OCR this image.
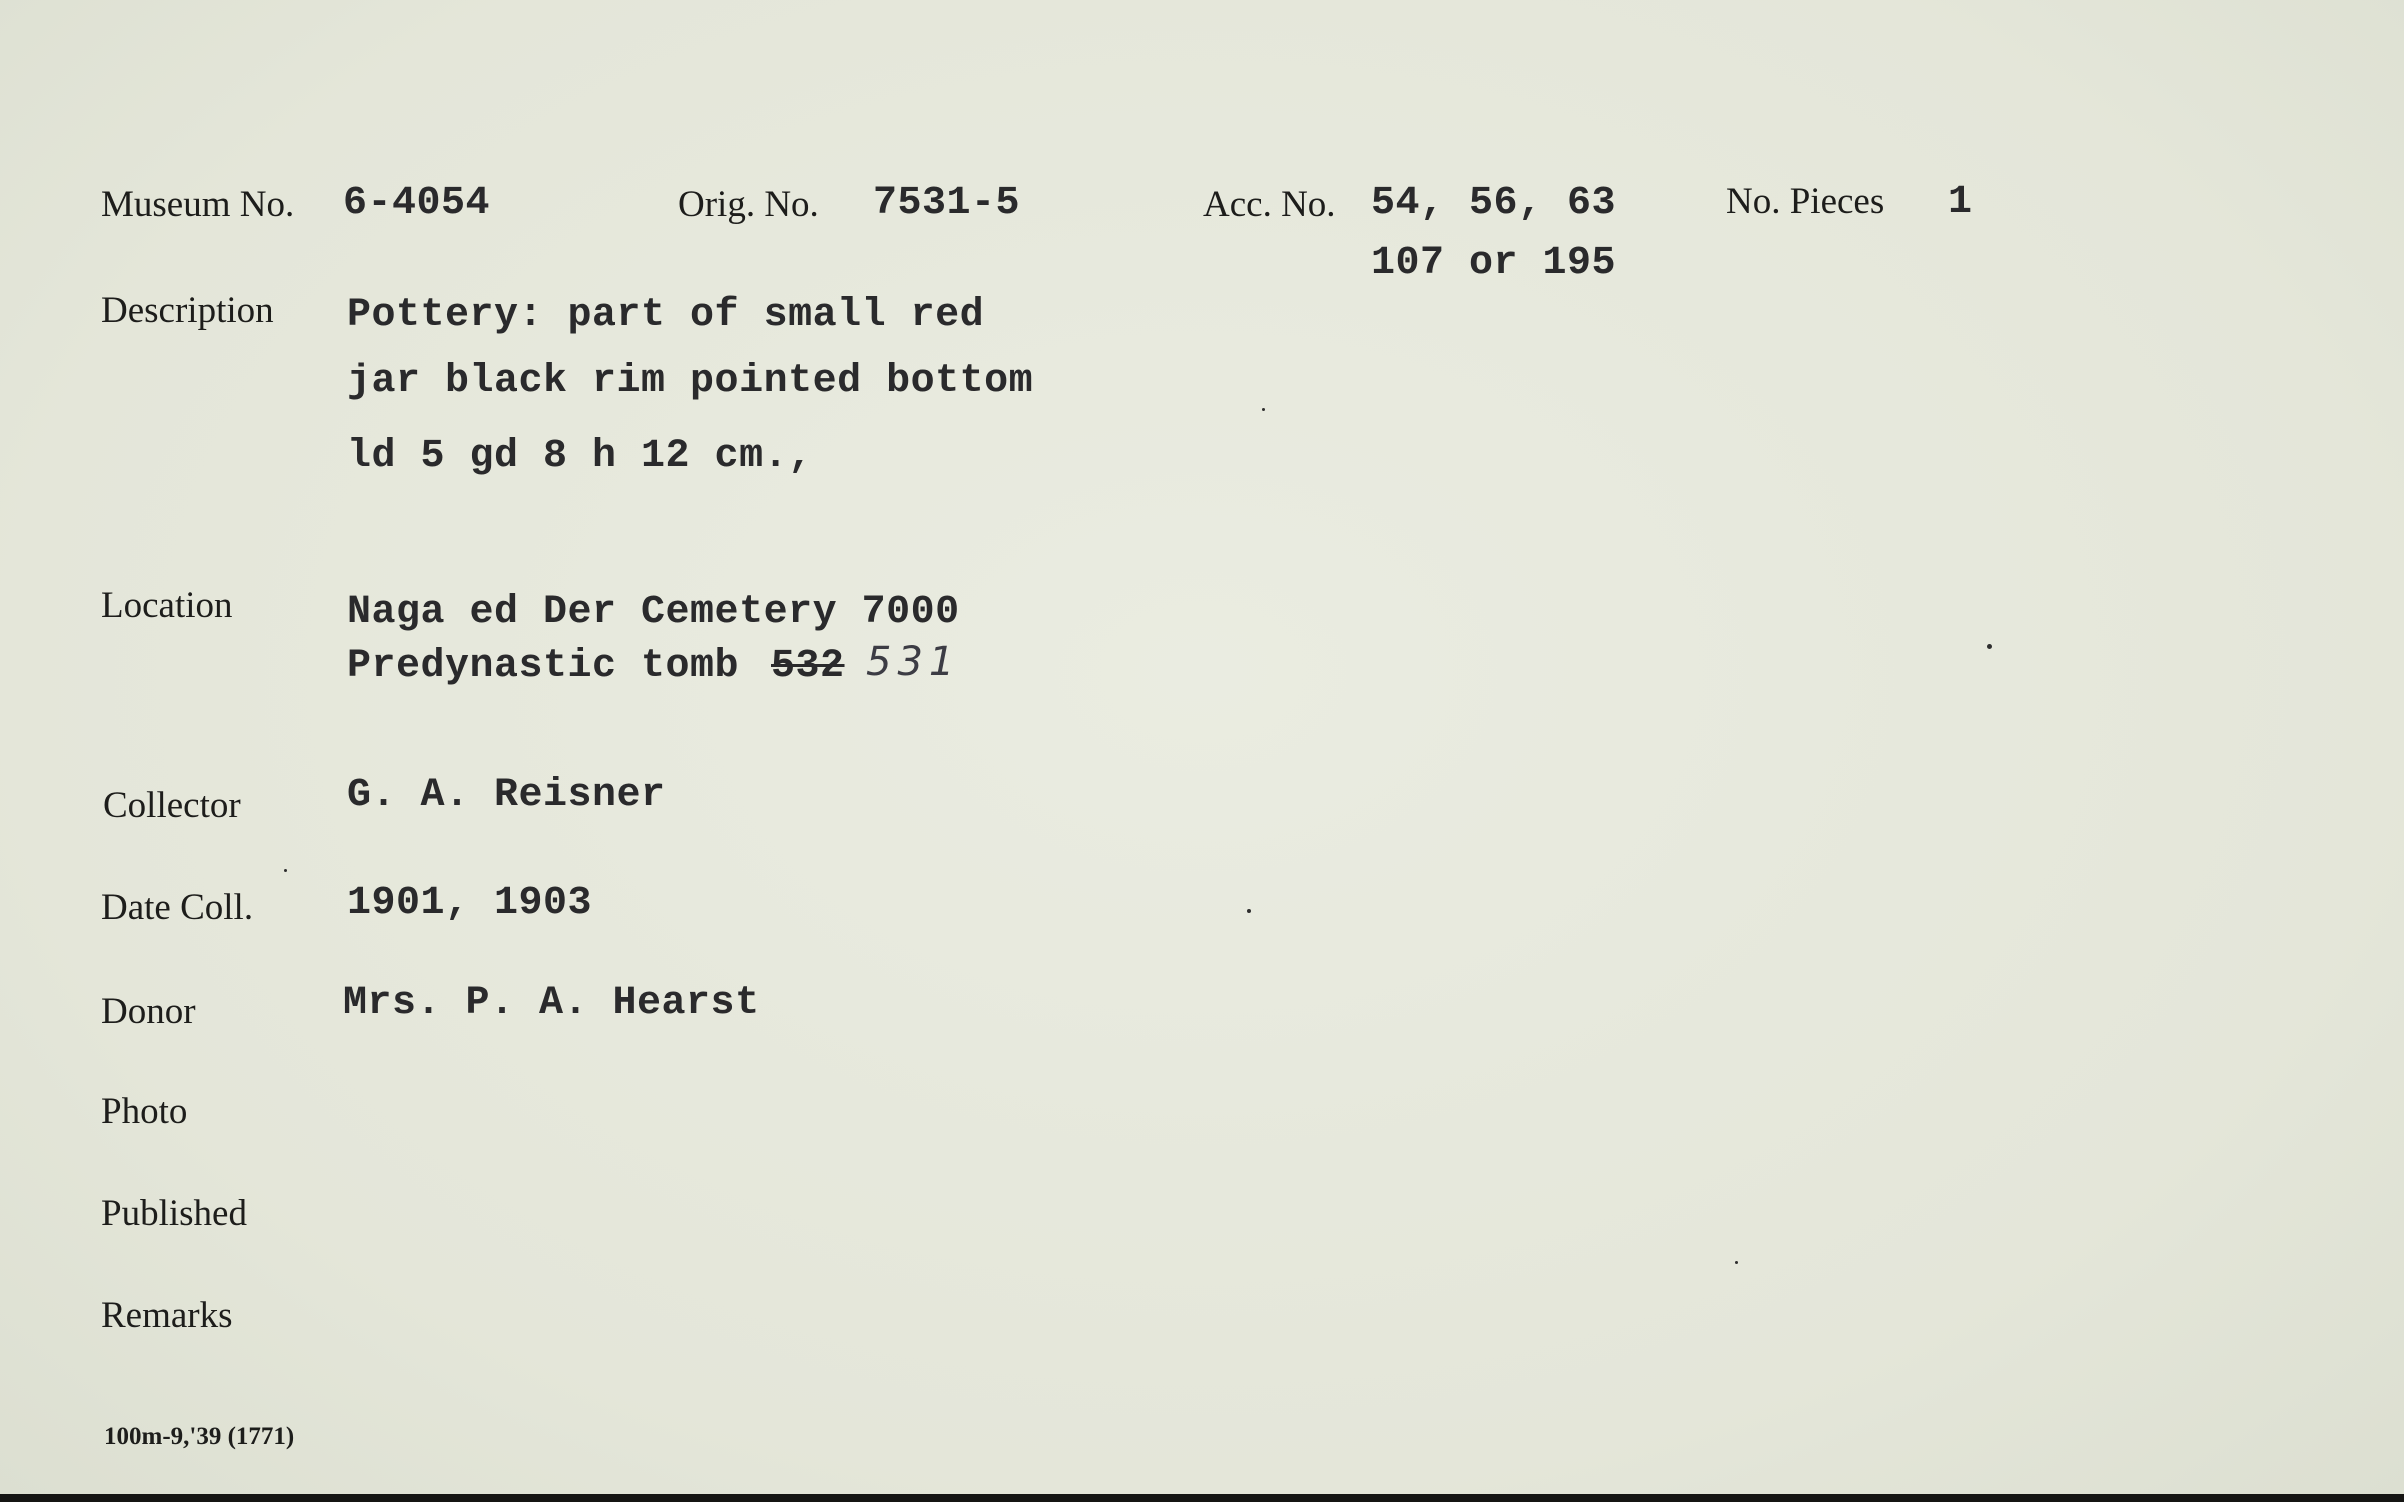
Museum No. 6-4054	Orig. No. 7531-5	Acc. No. 54, 56, 63
107 or 195
No. Pieces 1
Description Pottery: part of small red
jar black rim pointed bottom
ld 5 gd 8 h 12 cm.,
Location	Naga ed Der Cemetery 7000
Predynastic tomb 532 531
Collector	G. A. Reisner
Date Coll. 1901, 1903
Donor	Mrs. P. A. Hearst
Photo
Published
Remarks
100m-9,'39 (1771)
